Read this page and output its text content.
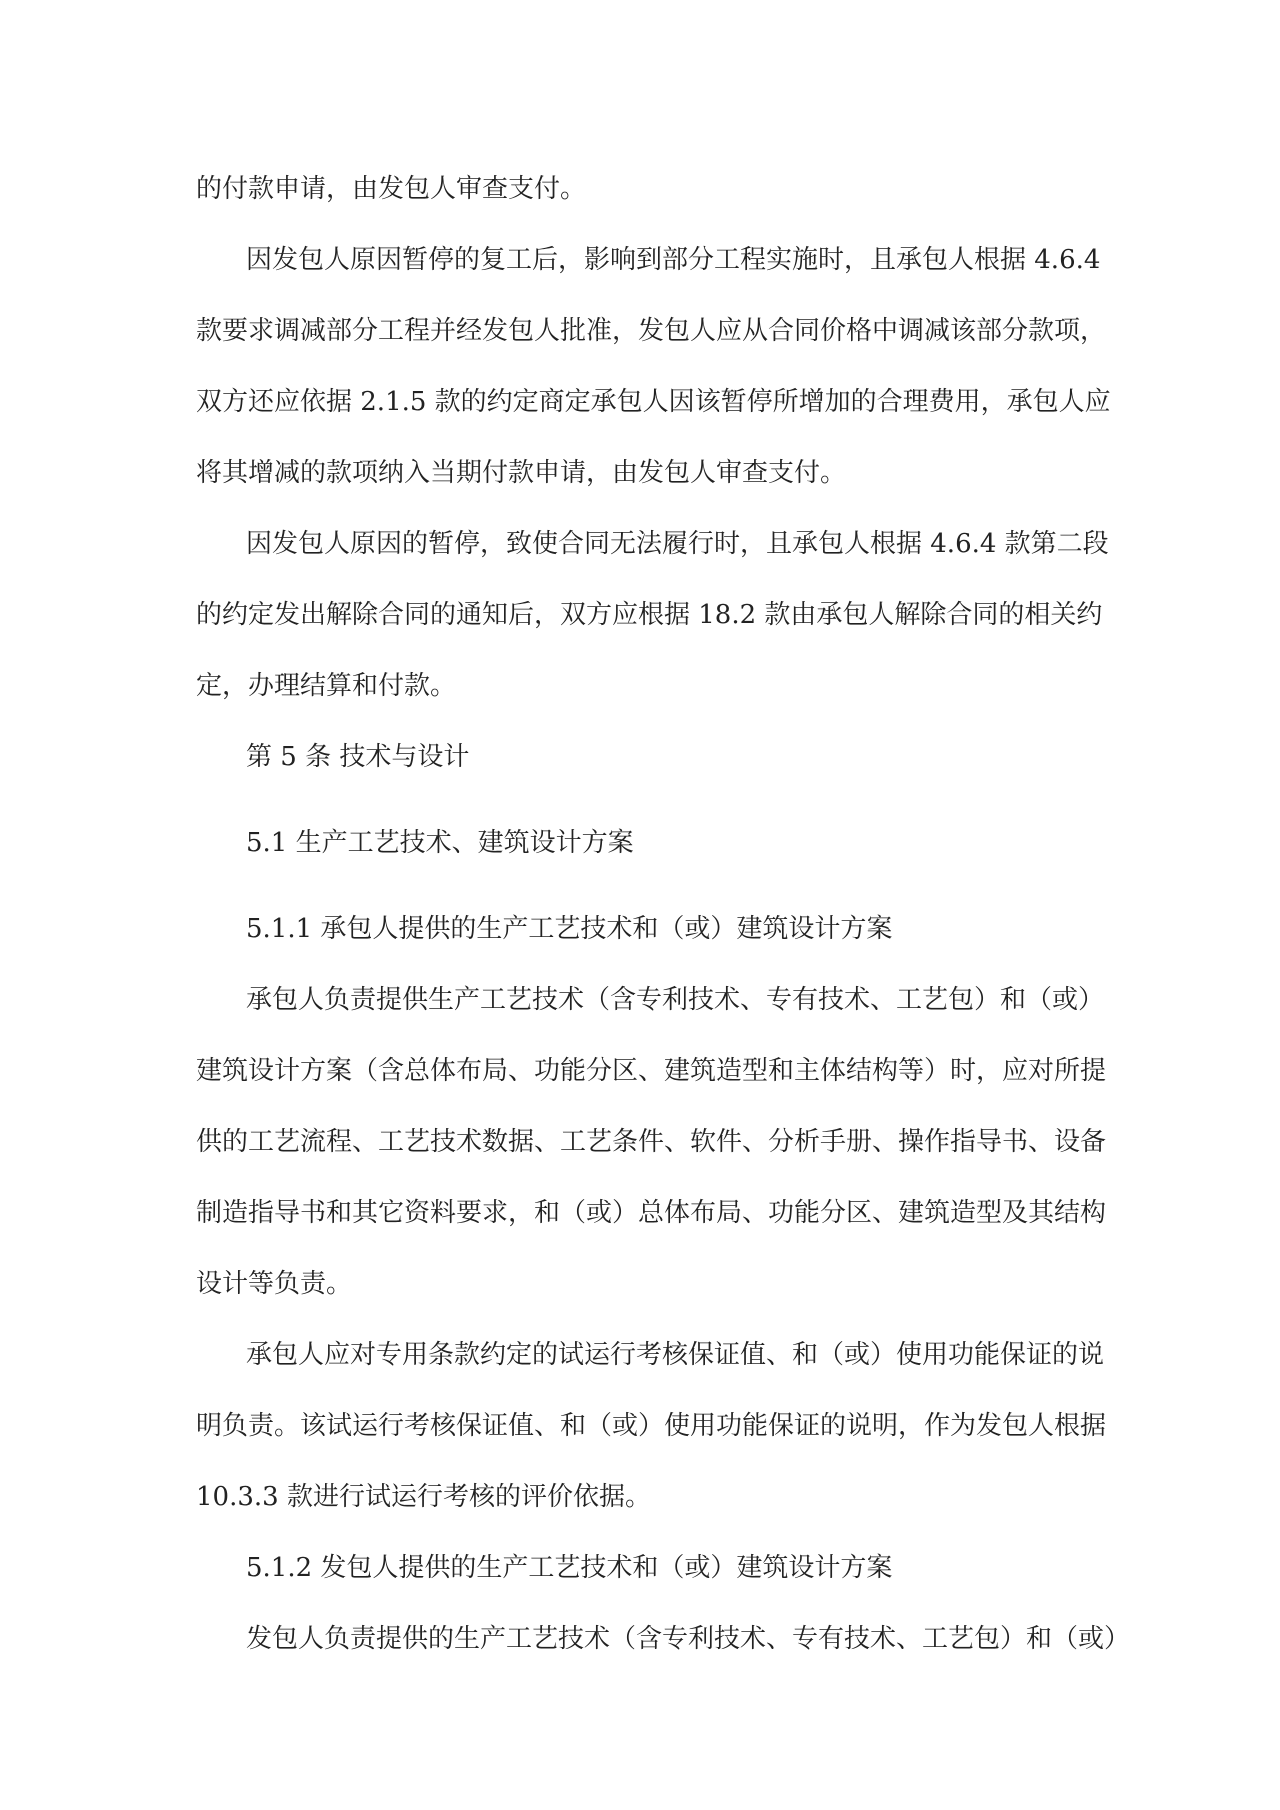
的付款申请，由发包人审查支付。
因发包人原因暂停的复工后，影响到部分工程实施时，且承包人根据 4.6.4
款要求调减部分工程并经发包人批准，发包人应从合同价格中调减该部分款项，
双方还应依据 2.1.5 款的约定商定承包人因该暂停所增加的合理费用，承包人应
将其增减的款项纳入当期付款申请，由发包人审查支付。
因发包人原因的暂停，致使合同无法履行时，且承包人根据 4.6.4 款第二段
的约定发出解除合同的通知后，双方应根据 18.2 款由承包人解除合同的相关约
定，办理结算和付款。
第 5 条 技术与设计
5.1 生产工艺技术、建筑设计方案
5.1.1 承包人提供的生产工艺技术和（或）建筑设计方案
承包人负责提供生产工艺技术（含专利技术、专有技术、工艺包）和（或）
建筑设计方案（含总体布局、功能分区、建筑造型和主体结构等）时，应对所提
供的工艺流程、工艺技术数据、工艺条件、软件、分析手册、操作指导书、设备
制造指导书和其它资料要求，和（或）总体布局、功能分区、建筑造型及其结构
设计等负责。
承包人应对专用条款约定的试运行考核保证值、和（或）使用功能保证的说
明负责。该试运行考核保证值、和（或）使用功能保证的说明，作为发包人根据
10.3.3 款进行试运行考核的评价依据。
5.1.2 发包人提供的生产工艺技术和（或）建筑设计方案
发包人负责提供的生产工艺技术（含专利技术、专有技术、工艺包）和（或）
